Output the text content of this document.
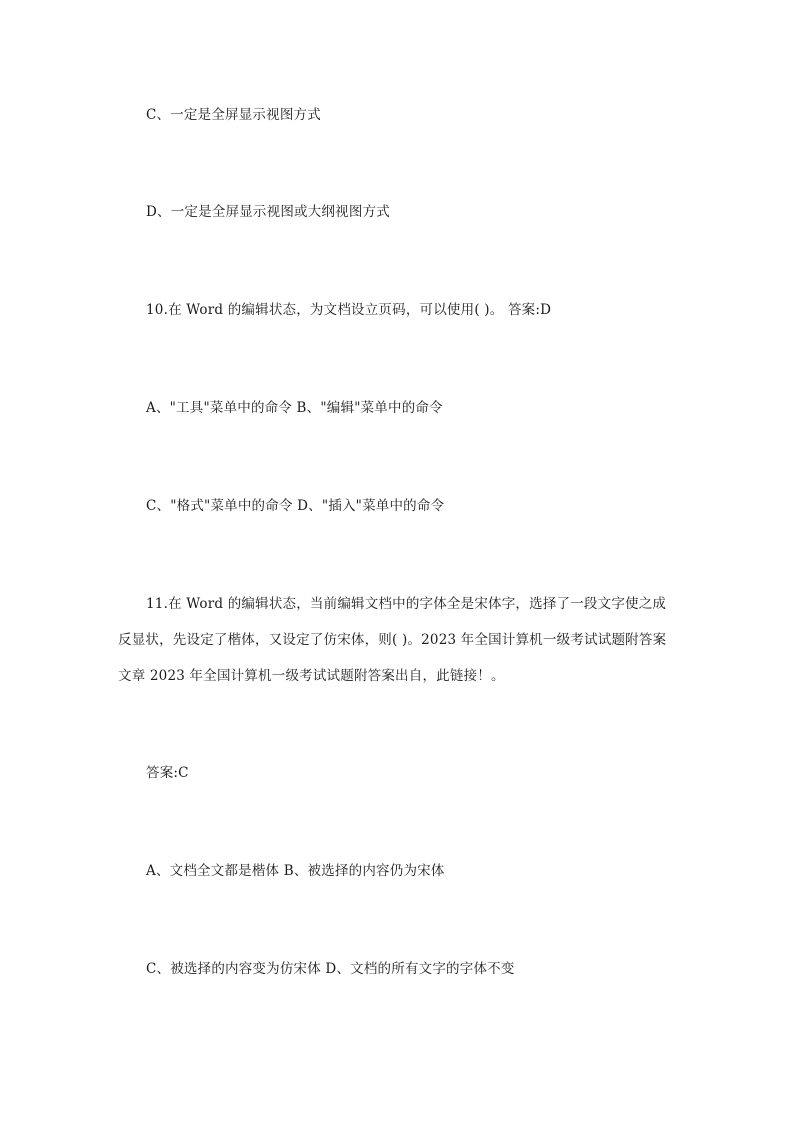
C、一定是全屏显示视图方式
D、一定是全屏显示视图或大纲视图方式
10.在 Word 的编辑状态，为文档设立页码，可以使用( )。 答案:D
A、"工具"菜单中的命令 B、"编辑"菜单中的命令
C、"格式"菜单中的命令 D、"插入"菜单中的命令
11.在 Word 的编辑状态，当前编辑文档中的字体全是宋体字，选择了一段文字使之成反显状，先设定了楷体，又设定了仿宋体，则( )。2023 年全国计算机一级考试试题附答案文章 2023 年全国计算机一级考试试题附答案出自，此链接！。
答案:C
A、文档全文都是楷体 B、被选择的内容仍为宋体
C、被选择的内容变为仿宋体 D、文档的所有文字的字体不变
